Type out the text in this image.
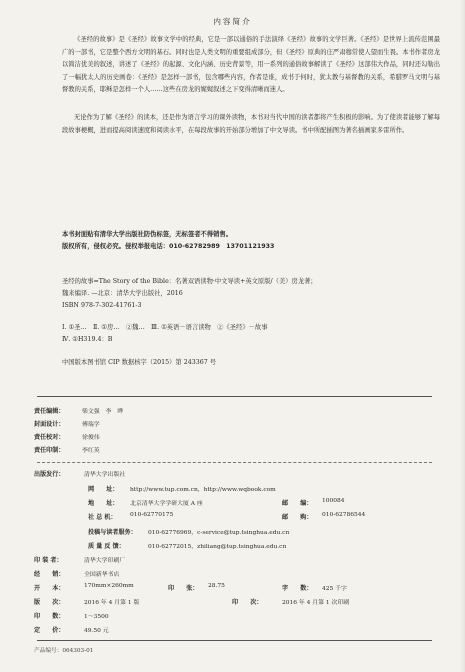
内容简介

《圣经的故事》是《圣经》故事文学中的经典，它是一部以通俗的手法演绎《圣经》故事的文学巨著。《圣经》是世界上流传范围最广的一部书，它是整个西方文明的基石。同时也是人类文明的重要组成部分，但《圣经》原典的庄严肃穆常使人望而生畏。本书作者房龙以简洁优美的叙述，讲述了《圣经》的起源、文化内涵、历史背景等，用一系列的通俗故事解读了《圣经》这部伟大作品，同时还勾勒出了一幅犹太人的历史画卷：《圣经》是怎样一部书，包含哪些内容，作者是谁，成书于何时，犹太教与基督教的关系，希腊罗马文明与基督教的关系，耶稣是怎样一个人……这些在房龙的娓娓叙述之下变得清晰而迷人。

无论作为了解《圣经》的读本，还是作为语言学习的课外读物，本书对当代中国的读者都将产生积极的影响。为了使读者能够了解每段故事梗概，进而提高阅读速度和阅读水平，在每段故事的开始部分增加了中文导读。书中所配插图为著名插画家多雷所作。

本书封面贴有清华大学出版社防伪标签，无标签者不得销售。
版权所有，侵权必究。侵权举报电话：010-62782989　13701121933
圣经的故事=The Story of the Bible：名著双语读物·中文导读+英文原版/（美）房龙著；
魏来编译. —北京：清华大学出版社，2016
ISBN 978-7-302-41761-3
Ⅰ. ①圣…　Ⅱ. ①房…　②魏…　Ⅲ. ①英语－语言读物　②《圣经》－故事
Ⅳ. ①H319.4：B
中国版本图书馆 CIP 数据核字（2015）第 243367 号
责任编辑：	柴文强　李　晔
封面设计：	傅瑞学
责任校对：	徐俊伟
责任印制：	李红英
出版发行：	清华大学出版社
网　　址： http://www.tup.com.cn，http://www.wqbook.com
地　　址： 北京清华大学学研大厦 A 座	邮　　编： 100084
社 总 机： 010-62770175	邮　　购： 010-62786544
投稿与读者服务： 010-62776969，c-service@tup.tsinghua.edu.cn
质 量 反 馈：	010-62772015，zhiliang@tup.tsinghua.edu.cn
印 装 者：	清华大学印刷厂
经　　销：	全国新华书店
开　　本：	170mm×260mm	印　　张： 28.75	字　　数： 425 千字
版　　次：	2016 年 4 月第 1 版	印　　次：	2016 年 4 月第 1 次印刷
印　　数：	1～3500
定　　价：	49.50 元
产品编号：064303-01
